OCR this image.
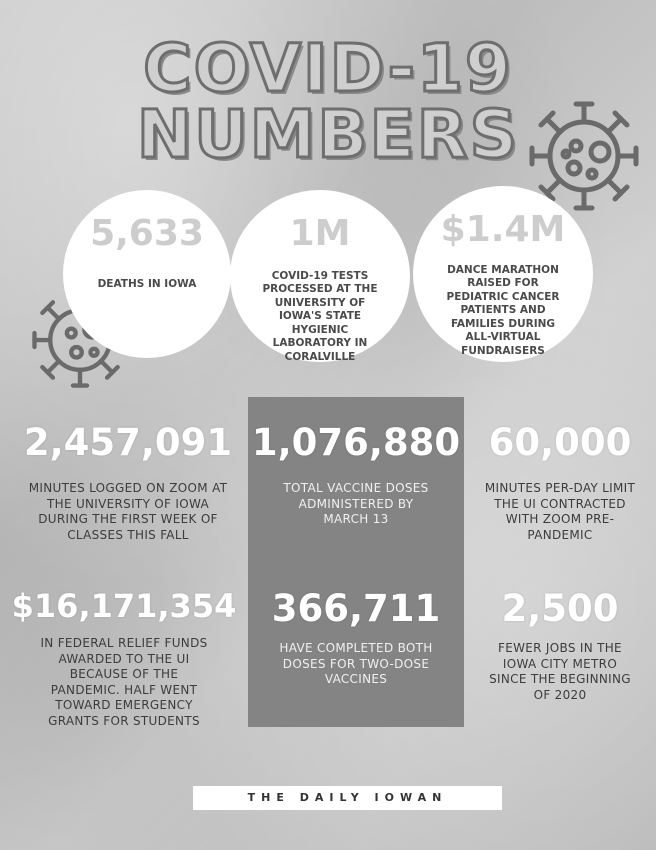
COVID-19
NUMBERS
5,633
DEATHS IN IOWA
1M
COVID-19 TESTS PROCESSED AT THE UNIVERSITY OF IOWA'S STATE HYGIENIC LABORATORY IN CORALVILLE
$1.4M
DANCE MARATHON RAISED FOR PEDIATRIC CANCER PATIENTS AND FAMILIES DURING ALL-VIRTUAL FUNDRAISERS
2,457,091
MINUTES LOGGED ON ZOOM AT THE UNIVERSITY OF IOWA DURING THE FIRST WEEK OF CLASSES THIS FALL
1,076,880
TOTAL VACCINE DOSES ADMINISTERED BY MARCH 13
60,000
MINUTES PER-DAY LIMIT THE UI CONTRACTED WITH ZOOM PRE-PANDEMIC
$16,171,354
IN FEDERAL RELIEF FUNDS AWARDED TO THE UI BECAUSE OF THE PANDEMIC. HALF WENT TOWARD EMERGENCY GRANTS FOR STUDENTS
366,711
HAVE COMPLETED BOTH DOSES FOR TWO-DOSE VACCINES
2,500
FEWER JOBS IN THE IOWA CITY METRO SINCE THE BEGINNING OF 2020
THE DAILY IOWAN
